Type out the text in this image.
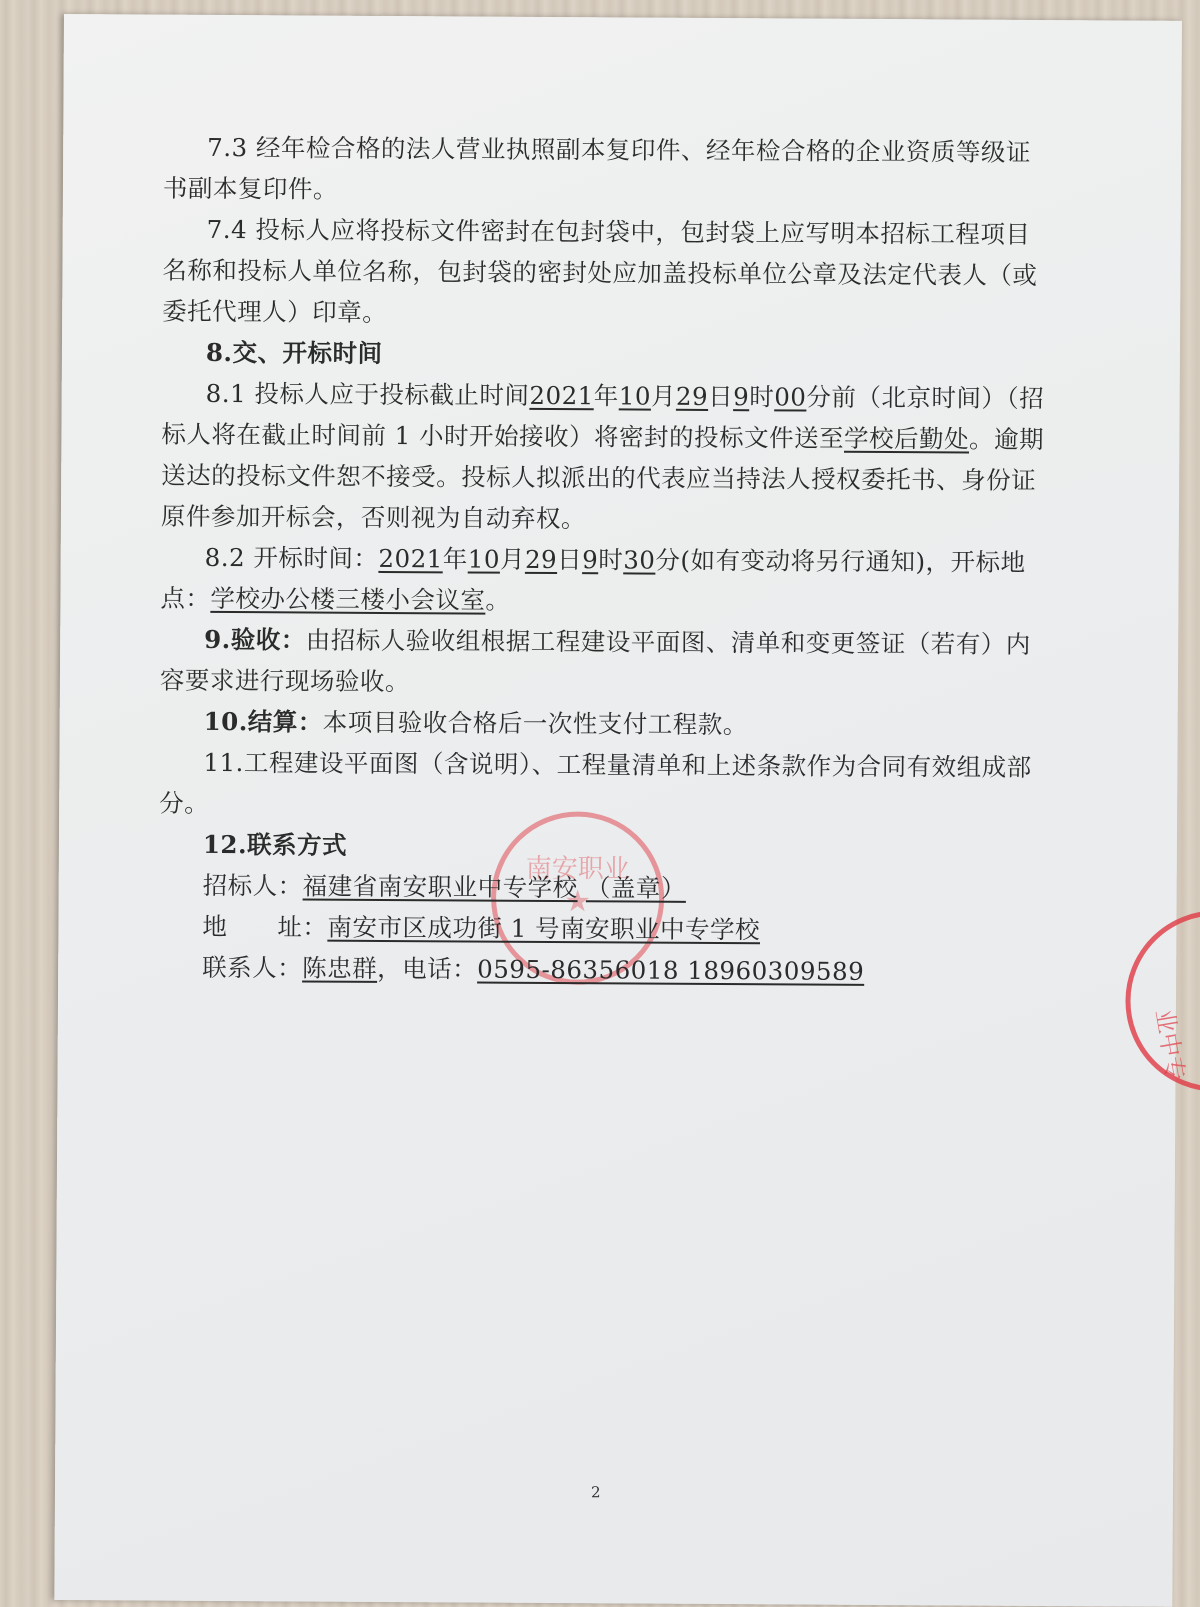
南安职业
★
业中专

7.3 经年检合格的法人营业执照副本复印件、经年检合格的企业资质等级证书副本复印件。

7.4 投标人应将投标文件密封在包封袋中，包封袋上应写明本招标工程项目名称和投标人单位名称，包封袋的密封处应加盖投标单位公章及法定代表人（或委托代理人）印章。

8.交、开标时间

8.1 投标人应于投标截止时间2021年10月29日9时00分前（北京时间）（招标人将在截止时间前 1 小时开始接收）将密封的投标文件送至学校后勤处。逾期送达的投标文件恕不接受。投标人拟派出的代表应当持法人授权委托书、身份证原件参加开标会，否则视为自动弃权。

8.2 开标时间：2021年10月29日9时30分(如有变动将另行通知)，开标地点：学校办公楼三楼小会议室。

9.验收：由招标人验收组根据工程建设平面图、清单和变更签证（若有）内容要求进行现场验收。

10.结算：本项目验收合格后一次性支付工程款。

11.工程建设平面图（含说明）、工程量清单和上述条款作为合同有效组成部分。

12.联系方式

招标人：福建省南安职业中专学校 （盖章）

地　　址：南安市区成功街 1 号南安职业中专学校

联系人：陈忠群，电话：0595-86356018 18960309589

2
